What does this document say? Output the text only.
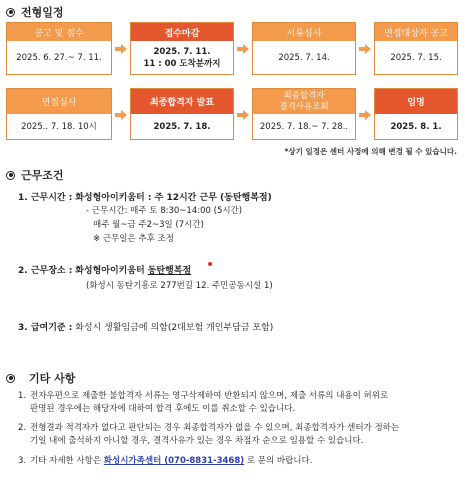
전형일정
공고 및 접수
2025. 6. 27.~ 7. 11.
접수마감
2025. 7. 11.
11 : 00 도착분까지
서류심사
2025. 7. 14.
면접대상자 공고
2025. 7. 15.
면접심사
2025.. 7. 18. 10시
최종합격자 발표
2025. 7. 18.
최종합격자
결격사유조회
2025. 7. 18.~ 7. 28..
임명
2025. 8. 1.
*상기 일정은 센터 사정에 의해 변경 될 수 있습니다.
근무조건
1. 근무시간 : 화성형아이키움터 : 주 12시간 근무 (동탄행복점)
- 근무시간: 매주 토 8:30~14:00 (5시간)
매주 월~금 주2~3일 (7시간)
※ 근무일은 추후 조정
2. 근무장소 : 화성형아이키움터 동탄행복점
(화성시 동탄기흥로 277번길 12. 주민공동시설 1)
3. 급여기준 : 화성시 생활임금에 의함(2대보험 개인부담금 포함)
기타 사항
1. 전자우편으로 제출한 불합격자 서류는 영구삭제하여 반환되지 않으며, 제출 서류의 내용이 허위로
판명된 경우에는 해당자에 대하여 합격 후에도 이를 취소할 수 있습니다.
2. 전형결과 적격자가 없다고 판단되는 경우 최종합격자가 없을 수 있으며, 최종합격자가 센터가 정하는
기일 내에 출석하지 아니할 경우, 결격사유가 있는 경우 차점자 순으로 임용할 수 있습니다.
3. 기타 자세한 사항은 화성시가족센터 (070-8831-3468) 로 문의 바랍니다.
